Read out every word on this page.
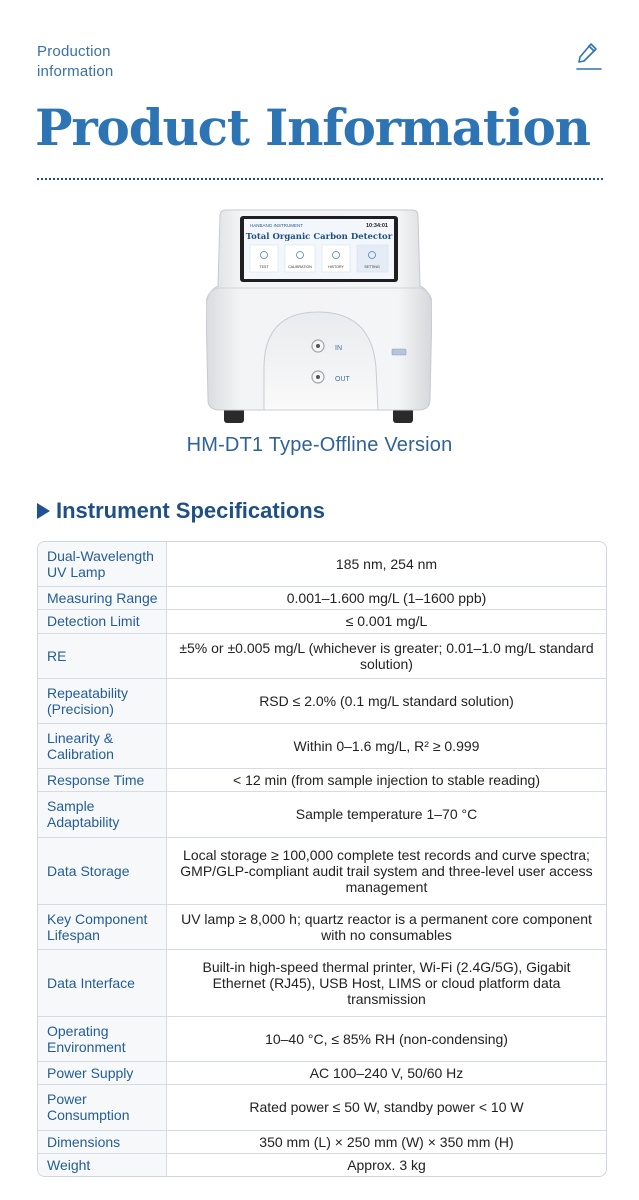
Production
information
Product Information
HANBANG INSTRUMENT	10:34:01
Total Organic Carbon Detector
TEST	CALIBRATION	HISTORY	SETTING
IN
OUT
HM-DT1 Type-Offline Version
Instrument Specifications
Dual-Wavelength UV Lamp	185 nm, 254 nm
Measuring Range	0.001–1.600 mg/L (1–1600 ppb)
Detection Limit	≤ 0.001 mg/L
RE	±5% or ±0.005 mg/L (whichever is greater; 0.01–1.0 mg/L standard solution)
Repeatability (Precision)	RSD ≤ 2.0% (0.1 mg/L standard solution)
Linearity & Calibration	Within 0–1.6 mg/L, R² ≥ 0.999
Response Time	< 12 min (from sample injection to stable reading)
Sample Adaptability	Sample temperature 1–70 °C
Data Storage	Local storage ≥ 100,000 complete test records and curve spectra; GMP/GLP-compliant audit trail system and three-level user access management
Key Component Lifespan	UV lamp ≥ 8,000 h; quartz reactor is a permanent core component with no consumables
Data Interface	Built-in high-speed thermal printer, Wi-Fi (2.4G/5G), Gigabit Ethernet (RJ45), USB Host, LIMS or cloud platform data transmission
Operating Environment	10–40 °C, ≤ 85% RH (non-condensing)
Power Supply	AC 100–240 V, 50/60 Hz
Power Consumption	Rated power ≤ 50 W, standby power < 10 W
Dimensions	350 mm (L) × 250 mm (W) × 350 mm (H)
Weight	Approx. 3 kg
